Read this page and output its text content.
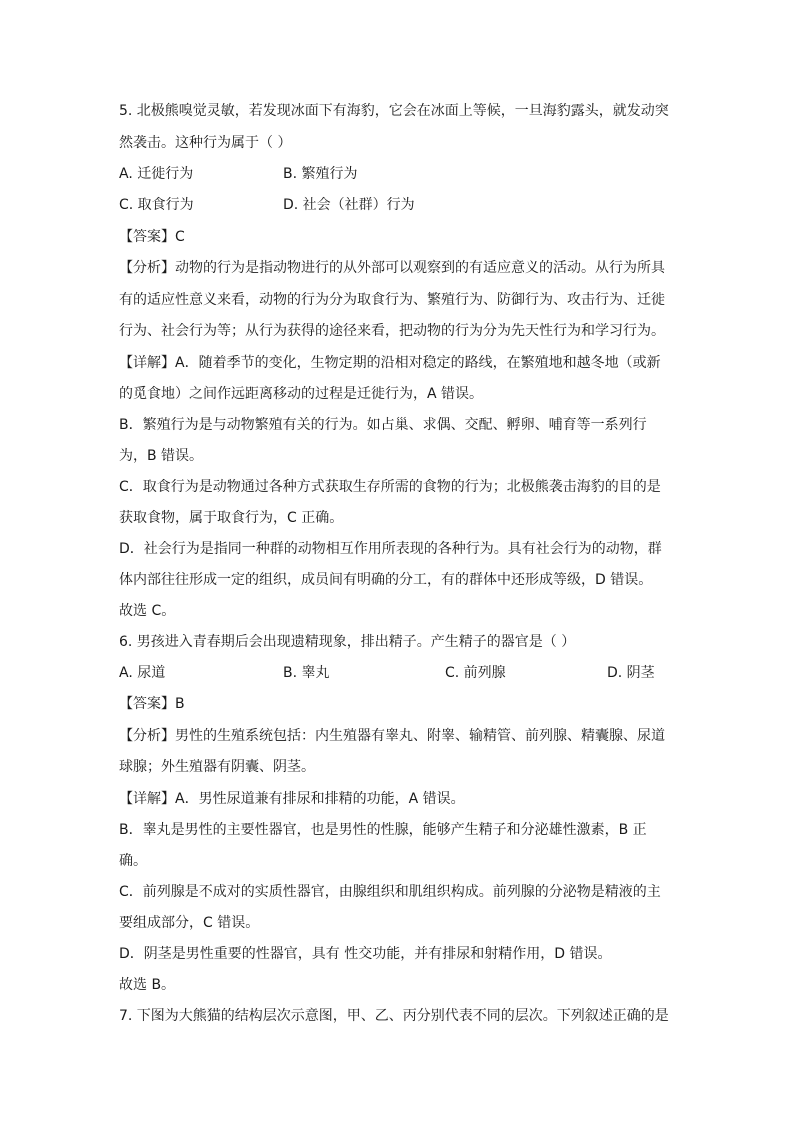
5. 北极熊嗅觉灵敏，若发现冰面下有海豹，它会在冰面上等候，一旦海豹露头，就发动突
然袭击。这种行为属于（ ）
A. 迁徙行为	B. 繁殖行为
C. 取食行为	D. 社会（社群）行为
【答案】C
【分析】动物的行为是指动物进行的从外部可以观察到的有适应意义的活动。从行为所具
有的适应性意义来看，动物的行为分为取食行为、繁殖行为、防御行为、攻击行为、迁徙
行为、社会行为等；从行为获得的途径来看，把动物的行为分为先天性行为和学习行为。
【详解】A．随着季节的变化，生物定期的沿相对稳定的路线，在繁殖地和越冬地（或新
的觅食地）之间作远距离移动的过程是迁徙行为，A 错误。
B．繁殖行为是与动物繁殖有关的行为。如占巢、求偶、交配、孵卵、哺育等一系列行
为，B 错误。
C．取食行为是动物通过各种方式获取生存所需的食物的行为；北极熊袭击海豹的目的是
获取食物，属于取食行为，C 正确。
D．社会行为是指同一种群的动物相互作用所表现的各种行为。具有社会行为的动物，群
体内部往往形成一定的组织，成员间有明确的分工，有的群体中还形成等级，D 错误。
故选 C。
6. 男孩进入青春期后会出现遗精现象，排出精子。产生精子的器官是（ ）
A. 尿道	B. 睾丸	C. 前列腺	D. 阴茎
【答案】B
【分析】男性的生殖系统包括：内生殖器有睾丸、附睾、输精管、前列腺、精囊腺、尿道
球腺；外生殖器有阴囊、阴茎。
【详解】A．男性尿道兼有排尿和排精的功能，A 错误。
B．睾丸是男性的主要性器官，也是男性的性腺，能够产生精子和分泌雄性激素，B 正
确。
C．前列腺是不成对的实质性器官，由腺组织和肌组织构成。前列腺的分泌物是精液的主
要组成部分，C 错误。
D．阴茎是男性重要的性器官，具有 性交功能，并有排尿和射精作用，D 错误。
故选 B。
7. 下图为大熊猫的结构层次示意图，甲、乙、丙分别代表不同的层次。下列叙述正确的是
